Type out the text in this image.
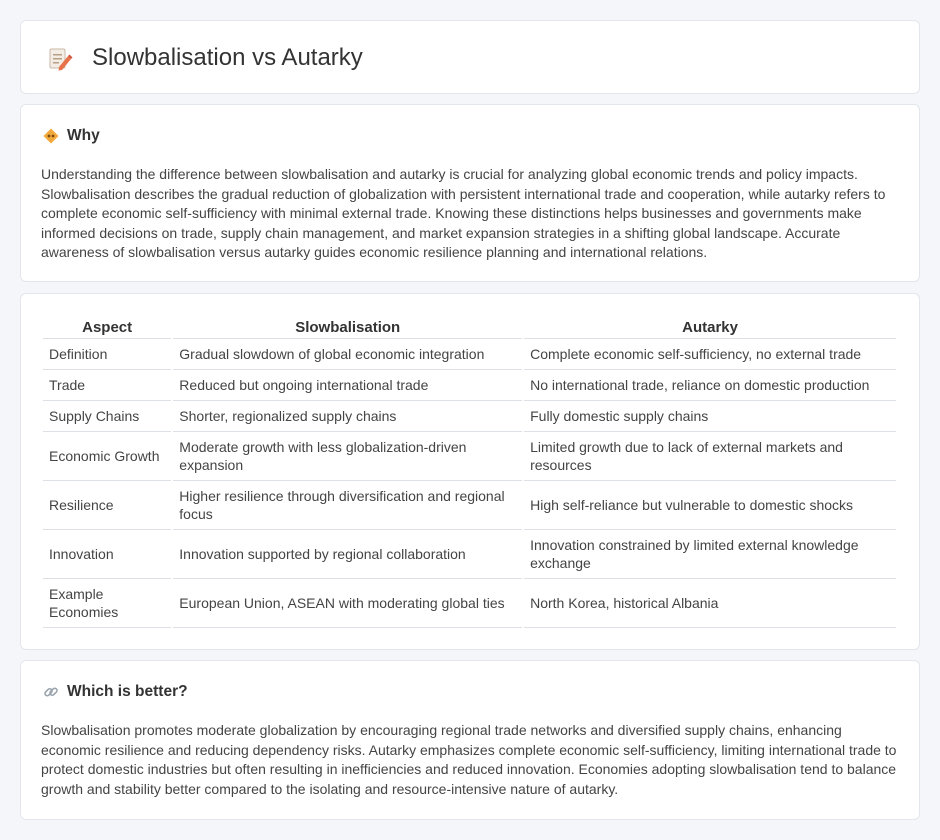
Slowbalisation vs Autarky
Why

Understanding the difference between slowbalisation and autarky is crucial for analyzing global economic trends and policy impacts. Slowbalisation describes the gradual reduction of globalization with persistent international trade and cooperation, while autarky refers to complete economic self-sufficiency with minimal external trade. Knowing these distinctions helps businesses and governments make informed decisions on trade, supply chain management, and market expansion strategies in a shifting global landscape. Accurate awareness of slowbalisation versus autarky guides economic resilience planning and international relations.

Aspect	Slowbalisation	Autarky
Definition	Gradual slowdown of global economic integration	Complete economic self-sufficiency, no external trade
Trade	Reduced but ongoing international trade	No international trade, reliance on domestic production
Supply Chains	Shorter, regionalized supply chains	Fully domestic supply chains
Economic Growth	Moderate growth with less globalization-driven expansion	Limited growth due to lack of external markets and resources
Resilience	Higher resilience through diversification and regional focus	High self-reliance but vulnerable to domestic shocks
Innovation	Innovation supported by regional collaboration	Innovation constrained by limited external knowledge exchange
Example Economies	European Union, ASEAN with moderating global ties	North Korea, historical Albania
Which is better?

Slowbalisation promotes moderate globalization by encouraging regional trade networks and diversified supply chains, enhancing economic resilience and reducing dependency risks. Autarky emphasizes complete economic self-sufficiency, limiting international trade to protect domestic industries but often resulting in inefficiencies and reduced innovation. Economies adopting slowbalisation tend to balance growth and stability better compared to the isolating and resource-intensive nature of autarky.
